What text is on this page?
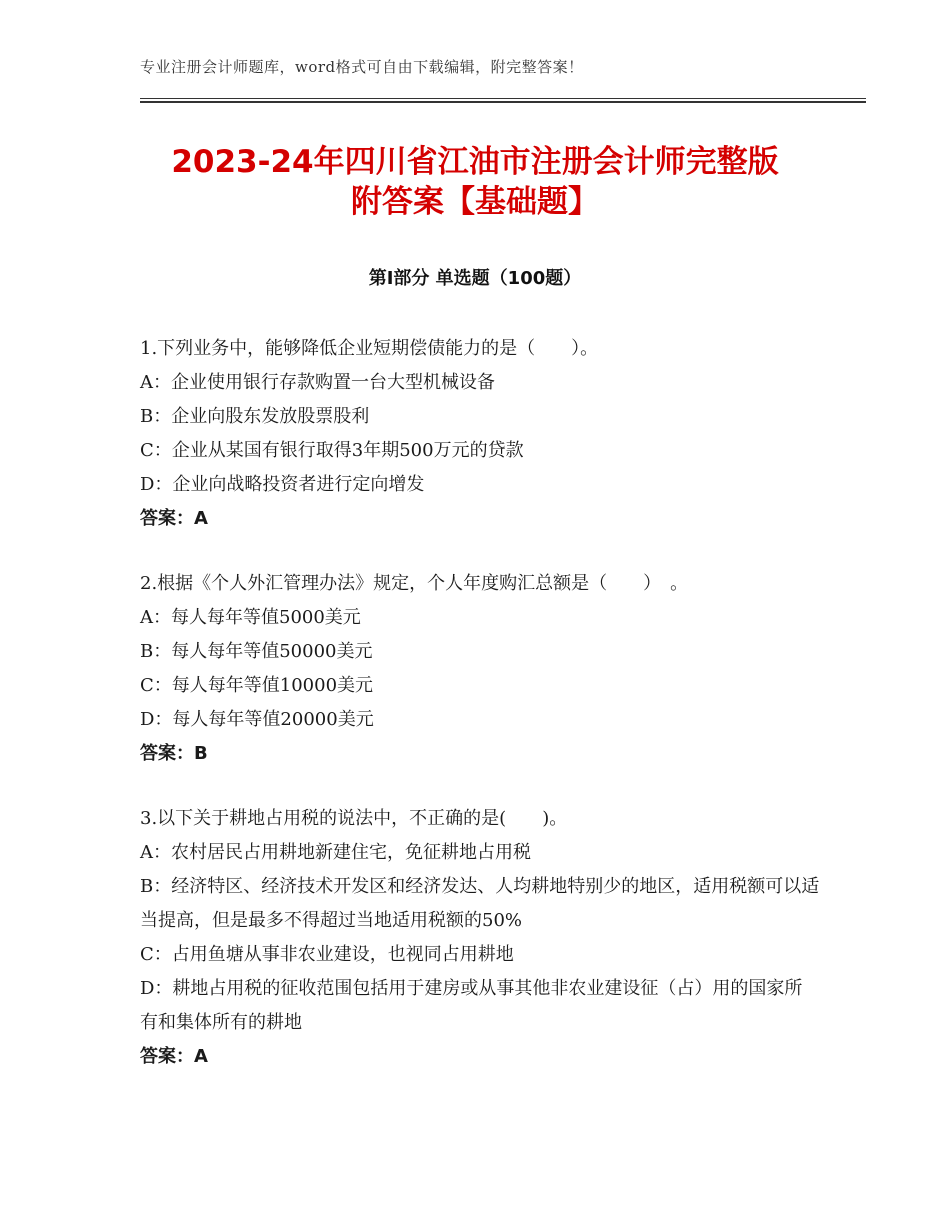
专业注册会计师题库，word格式可自由下载编辑，附完整答案！
2023-24年四川省江油市注册会计师完整版
附答案【基础题】
第Ⅰ部分 单选题（100题）
1.下列业务中，能够降低企业短期偿债能力的是（　　）。
A：企业使用银行存款购置一台大型机械设备
B：企业向股东发放股票股利
C：企业从某国有银行取得3年期500万元的贷款
D：企业向战略投资者进行定向增发
答案：A
2.根据《个人外汇管理办法》规定，个人年度购汇总额是（　　）　。
A：每人每年等值5000美元
B：每人每年等值50000美元
C：每人每年等值10000美元
D：每人每年等值20000美元
答案：B
3.以下关于耕地占用税的说法中，不正确的是(　　)。
A：农村居民占用耕地新建住宅，免征耕地占用税
B：经济特区、经济技术开发区和经济发达、人均耕地特别少的地区，适用税额可以适当提高，但是最多不得超过当地适用税额的50%
C：占用鱼塘从事非农业建设，也视同占用耕地
D：耕地占用税的征收范围包括用于建房或从事其他非农业建设征（占）用的国家所有和集体所有的耕地
答案：A
